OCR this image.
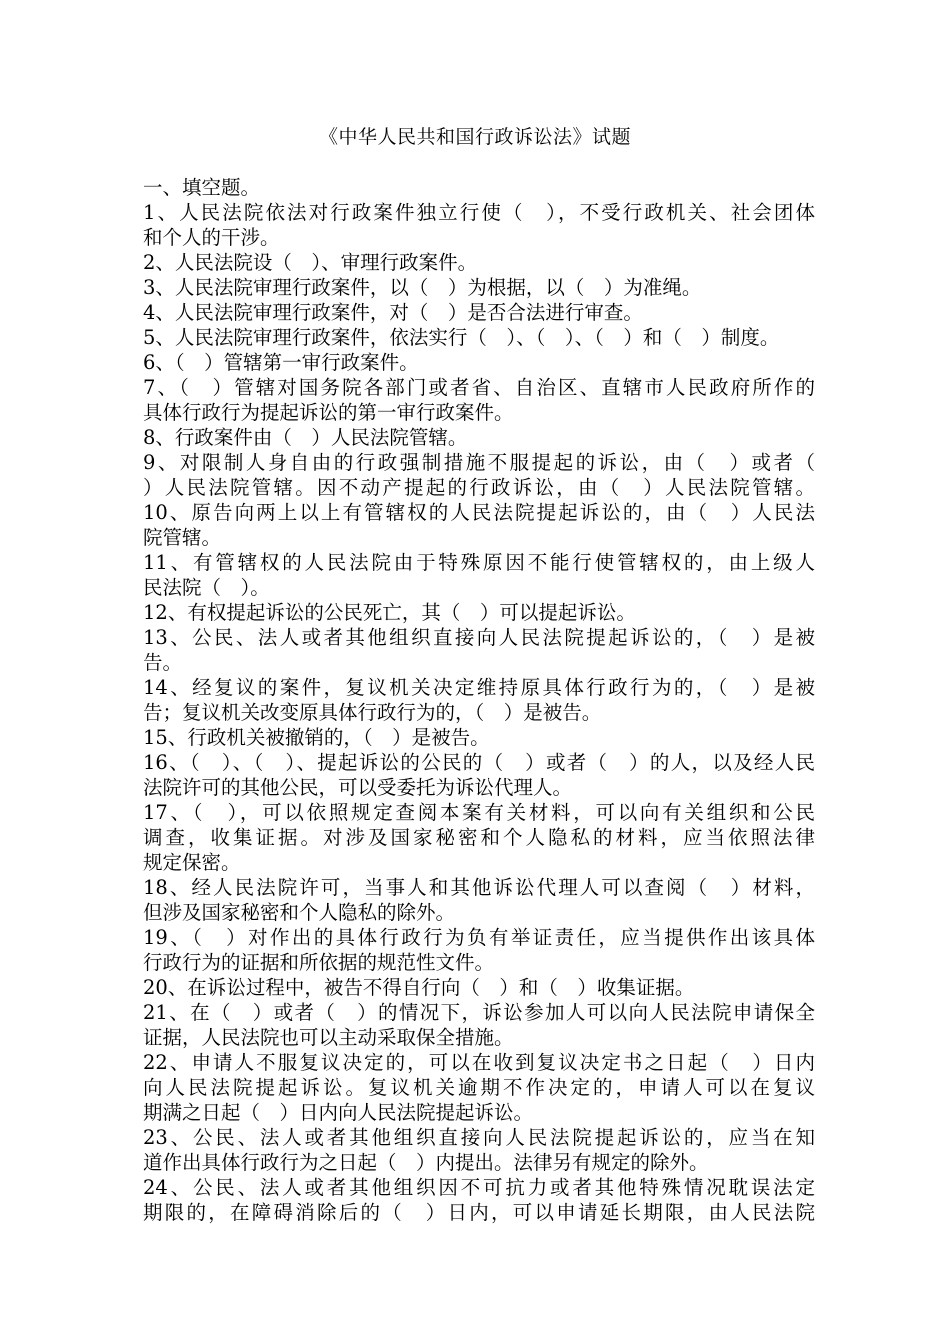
《中华人民共和国行政诉讼法》试题
一、填空题。
1、人民法院依法对行政案件独立行使（　），不受行政机关、社会团体
和个人的干涉。
2、人民法院设（　）、审理行政案件。
3、人民法院审理行政案件，以（　）为根据，以（　）为准绳。
4、人民法院审理行政案件，对（　）是否合法进行审查。
5、人民法院审理行政案件，依法实行（　）、（　）、（　）和（　）制度。
6、（　）管辖第一审行政案件。
7、（　）管辖对国务院各部门或者省、自治区、直辖市人民政府所作的
具体行政行为提起诉讼的第一审行政案件。
8、行政案件由（　）人民法院管辖。
9、对限制人身自由的行政强制措施不服提起的诉讼，由（　）或者（
）人民法院管辖。因不动产提起的行政诉讼，由（　）人民法院管辖。
10、原告向两上以上有管辖权的人民法院提起诉讼的，由（　）人民法
院管辖。
11、有管辖权的人民法院由于特殊原因不能行使管辖权的，由上级人
民法院（　）。
12、有权提起诉讼的公民死亡，其（　）可以提起诉讼。
13、公民、法人或者其他组织直接向人民法院提起诉讼的，（　）是被
告。
14、经复议的案件，复议机关决定维持原具体行政行为的，（　）是被
告；复议机关改变原具体行政行为的，（　）是被告。
15、行政机关被撤销的，（　）是被告。
16、（　）、（　）、提起诉讼的公民的（　）或者（　）的人，以及经人民
法院许可的其他公民，可以受委托为诉讼代理人。
17、（　），可以依照规定查阅本案有关材料，可以向有关组织和公民
调查，收集证据。对涉及国家秘密和个人隐私的材料，应当依照法律
规定保密。
18、经人民法院许可，当事人和其他诉讼代理人可以查阅（　）材料，
但涉及国家秘密和个人隐私的除外。
19、（　）对作出的具体行政行为负有举证责任，应当提供作出该具体
行政行为的证据和所依据的规范性文件。
20、在诉讼过程中，被告不得自行向（　）和（　）收集证据。
21、在（　）或者（　）的情况下，诉讼参加人可以向人民法院申请保全
证据，人民法院也可以主动采取保全措施。
22、申请人不服复议决定的，可以在收到复议决定书之日起（　）日内
向人民法院提起诉讼。复议机关逾期不作决定的，申请人可以在复议
期满之日起（　）日内向人民法院提起诉讼。
23、公民、法人或者其他组织直接向人民法院提起诉讼的，应当在知
道作出具体行政行为之日起（　）内提出。法律另有规定的除外。
24、公民、法人或者其他组织因不可抗力或者其他特殊情况耽误法定
期限的，在障碍消除后的（　）日内，可以申请延长期限，由人民法院
